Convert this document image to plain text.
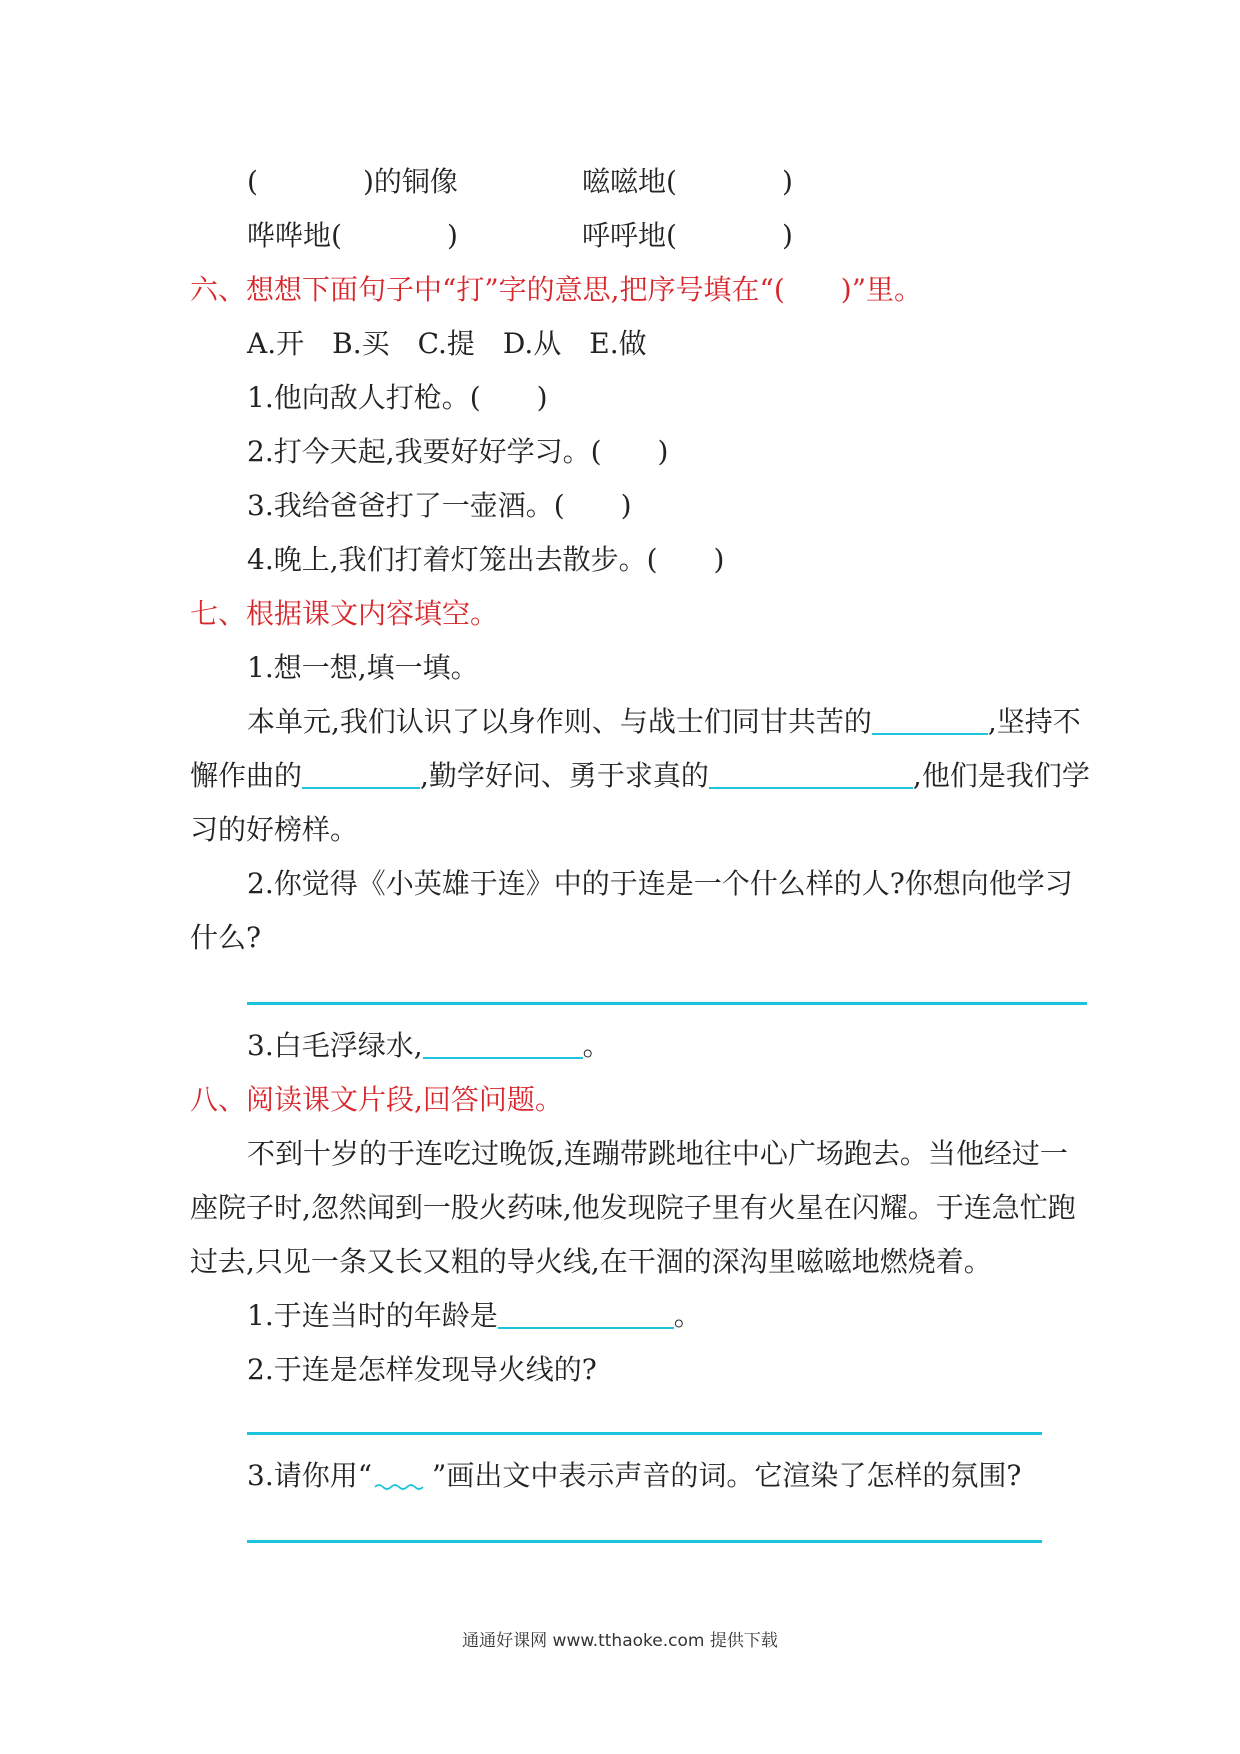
(	)的铜像	嗞嗞地(	)
哗哗地(	)	呼呼地(	)
六、想想下面句子中“打”字的意思,把序号填在“(　　)”里。
A.开　B.买　C.提　D.从　E.做
1.他向敌人打枪。(　　)
2.打今天起,我要好好学习。(　　)
3.我给爸爸打了一壶酒。(　　)
4.晚上,我们打着灯笼出去散步。(　　)
七、根据课文内容填空。
1.想一想,填一填。
本单元,我们认识了以身作则、与战士们同甘共苦的	,坚持不
懈作曲的	,勤学好问、勇于求真的	,他们是我们学
习的好榜样。
2.你觉得《小英雄于连》中的于连是一个什么样的人?你想向他学习
什么?
3.白毛浮绿水,	。
八、阅读课文片段,回答问题。
不到十岁的于连吃过晚饭,连蹦带跳地往中心广场跑去。当他经过一
座院子时,忽然闻到一股火药味,他发现院子里有火星在闪耀。于连急忙跑
过去,只见一条又长又粗的导火线,在干涸的深沟里嗞嗞地燃烧着。
1.于连当时的年龄是	。
2.于连是怎样发现导火线的?
3.请你用“ ”画出文中表示声音的词。它渲染了怎样的氛围?
通通好课网 www.tthaoke.com 提供下载
